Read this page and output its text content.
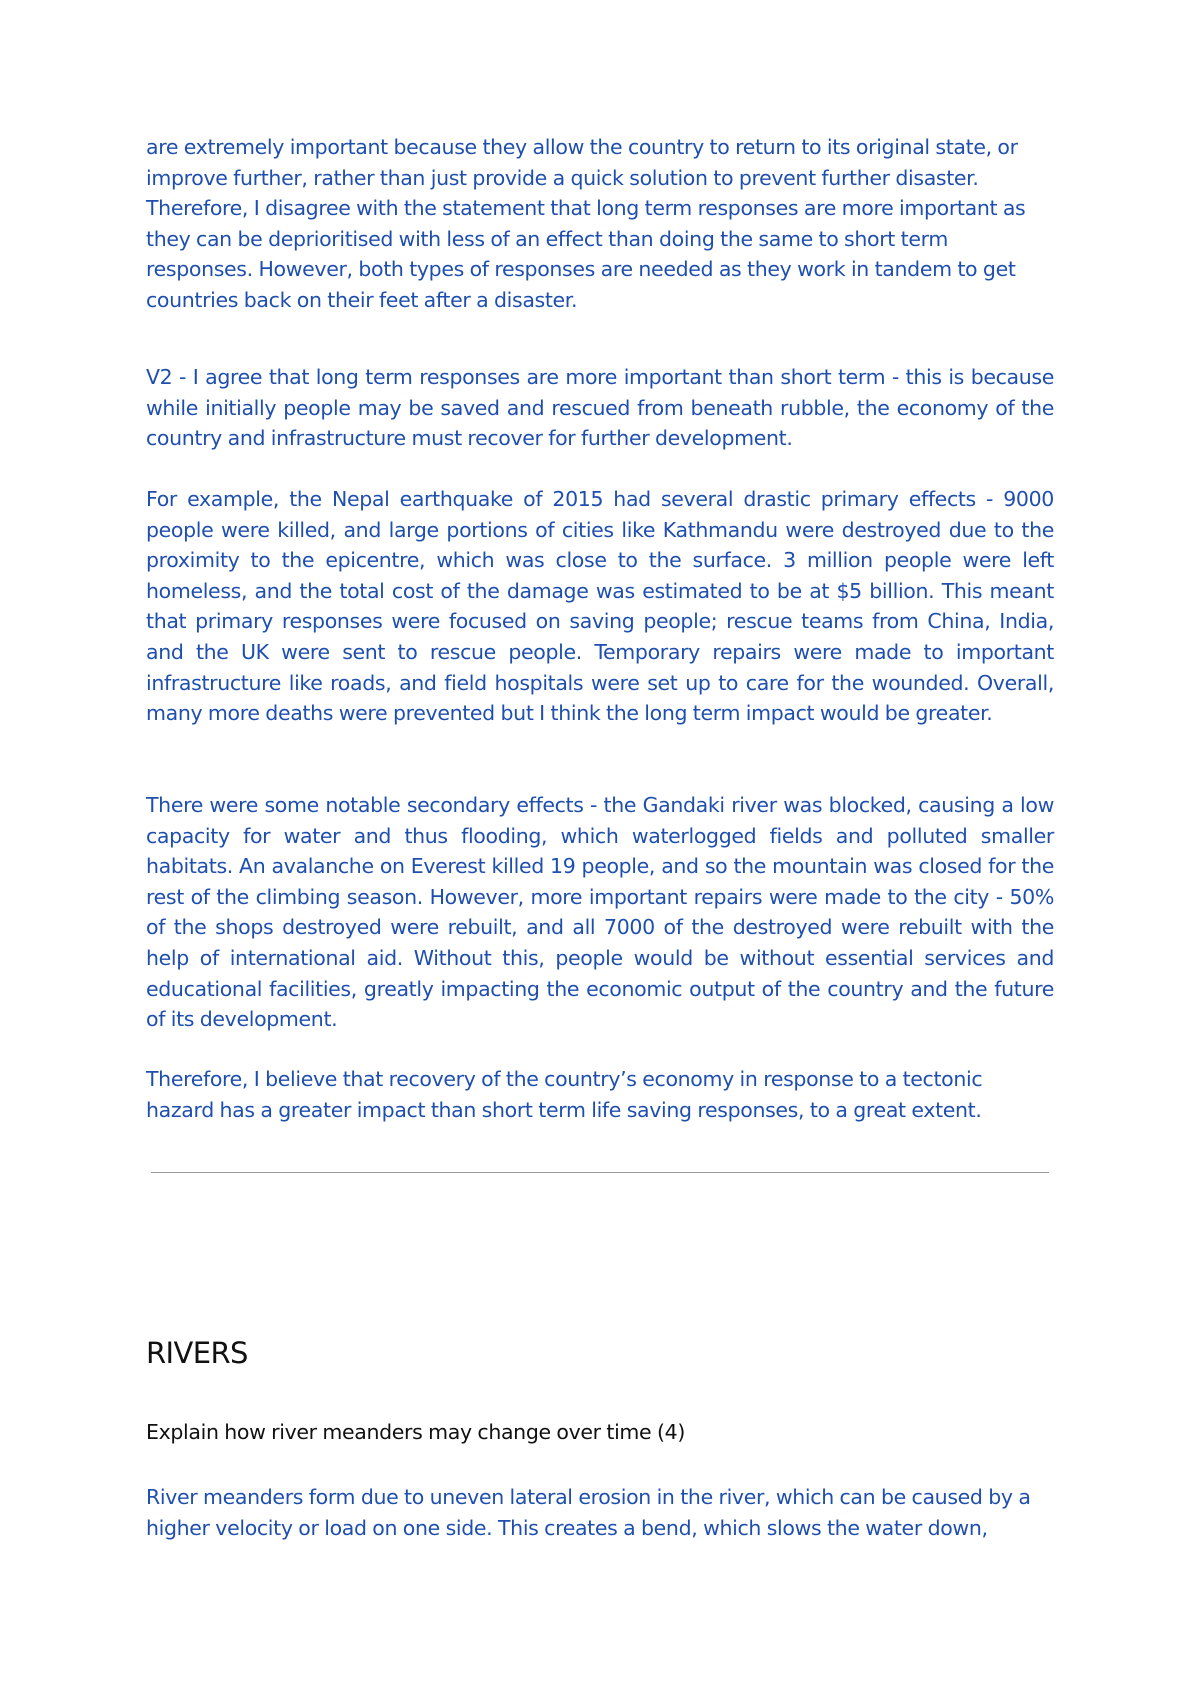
are extremely important because they allow the country to return to its original state, or improve further, rather than just provide a quick solution to prevent further disaster. Therefore, I disagree with the statement that long term responses are more important as they can be deprioritised with less of an effect than doing the same to short term responses. However, both types of responses are needed as they work in tandem to get countries back on their feet after a disaster.

V2 - I agree that long term responses are more important than short term - this is because while initially people may be saved and rescued from beneath rubble, the economy of the country and infrastructure must recover for further development.

For example, the Nepal earthquake of 2015 had several drastic primary effects - 9000 people were killed, and large portions of cities like Kathmandu were destroyed due to the proximity to the epicentre, which was close to the surface. 3 million people were left homeless, and the total cost of the damage was estimated to be at $5 billion. This meant that primary responses were focused on saving people; rescue teams from China, India, and the UK were sent to rescue people. Temporary repairs were made to important infrastructure like roads, and field hospitals were set up to care for the wounded. Overall, many more deaths were prevented but I think the long term impact would be greater.

There were some notable secondary effects - the Gandaki river was blocked, causing a low capacity for water and thus flooding, which waterlogged fields and polluted smaller habitats. An avalanche on Everest killed 19 people, and so the mountain was closed for the rest of the climbing season. However, more important repairs were made to the city - 50% of the shops destroyed were rebuilt, and all 7000 of the destroyed were rebuilt with the help of international aid. Without this, people would be without essential services and educational facilities, greatly impacting the economic output of the country and the future of its development.

Therefore, I believe that recovery of the country’s economy in response to a tectonic hazard has a greater impact than short term life saving responses, to a great extent.

RIVERS

Explain how river meanders may change over time (4)

River meanders form due to uneven lateral erosion in the river, which can be caused by a higher velocity or load on one side. This creates a bend, which slows the water down,
